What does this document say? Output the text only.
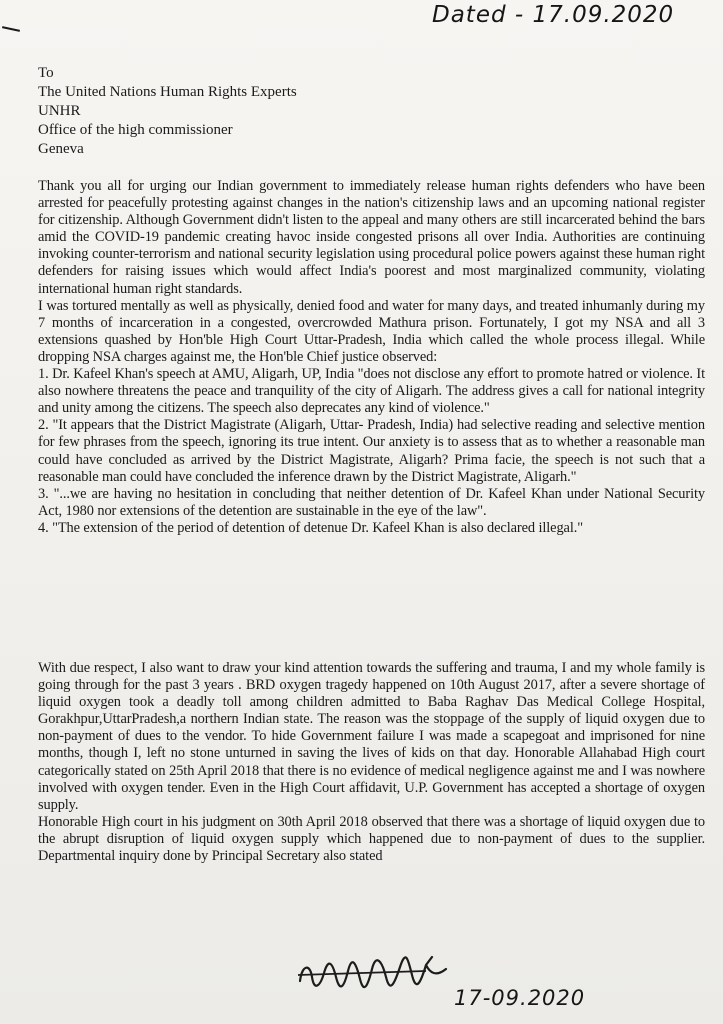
Dated - 17.09.2020
To
The United Nations Human Rights Experts
UNHR
Office of the high commissioner
Geneva

Thank you all for urging our Indian government to immediately release human rights defenders who have been arrested for peacefully protesting against changes in the nation's citizenship laws and an upcoming national register for citizenship. Although Government didn't listen to the appeal and many others are still incarcerated behind the bars amid the COVID-19 pandemic creating havoc inside congested prisons all over India. Authorities are continuing invoking counter-terrorism and national security legislation using procedural police powers against these human right defenders for raising issues which would affect India's poorest and most marginalized community, violating international human right standards.

I was tortured mentally as well as physically, denied food and water for many days, and treated inhumanly during my 7 months of incarceration in a congested, overcrowded Mathura prison. Fortunately, I got my NSA and all 3 extensions quashed by Hon'ble High Court Uttar-Pradesh, India which called the whole process illegal. While dropping NSA charges against me, the Hon'ble Chief justice observed:

1. Dr. Kafeel Khan's speech at AMU, Aligarh, UP, India "does not disclose any effort to promote hatred or violence. It also nowhere threatens the peace and tranquility of the city of Aligarh. The address gives a call for national integrity and unity among the citizens. The speech also deprecates any kind of violence."

2. "It appears that the District Magistrate (Aligarh, Uttar- Pradesh, India) had selective reading and selective mention for few phrases from the speech, ignoring its true intent. Our anxiety is to assess that as to whether a reasonable man could have concluded as arrived by the District Magistrate, Aligarh? Prima facie, the speech is not such that a reasonable man could have concluded the inference drawn by the District Magistrate, Aligarh."

3. "...we are having no hesitation in concluding that neither detention of Dr. Kafeel Khan under National Security Act, 1980 nor extensions of the detention are sustainable in the eye of the law".

4. "The extension of the period of detention of detenue Dr. Kafeel Khan is also declared illegal."

With due respect, I also want to draw your kind attention towards the suffering and trauma, I and my whole family is going through for the past 3 years . BRD oxygen tragedy happened on 10th August 2017, after a severe shortage of liquid oxygen took a deadly toll among children admitted to Baba Raghav Das Medical College Hospital, Gorakhpur,UttarPradesh,a northern Indian state. The reason was the stoppage of the supply of liquid oxygen due to non-payment of dues to the vendor. To hide Government failure I was made a scapegoat and imprisoned for nine months, though I, left no stone unturned in saving the lives of kids on that day. Honorable Allahabad High court categorically stated on 25th April 2018 that there is no evidence of medical negligence against me and I was nowhere involved with oxygen tender. Even in the High Court affidavit, U.P. Government has accepted a shortage of oxygen supply.

Honorable High court in his judgment on 30th April 2018 observed that there was a shortage of liquid oxygen due to the abrupt disruption of liquid oxygen supply which happened due to non-payment of dues to the supplier. Departmental inquiry done by Principal Secretary also stated

17-09.2020
